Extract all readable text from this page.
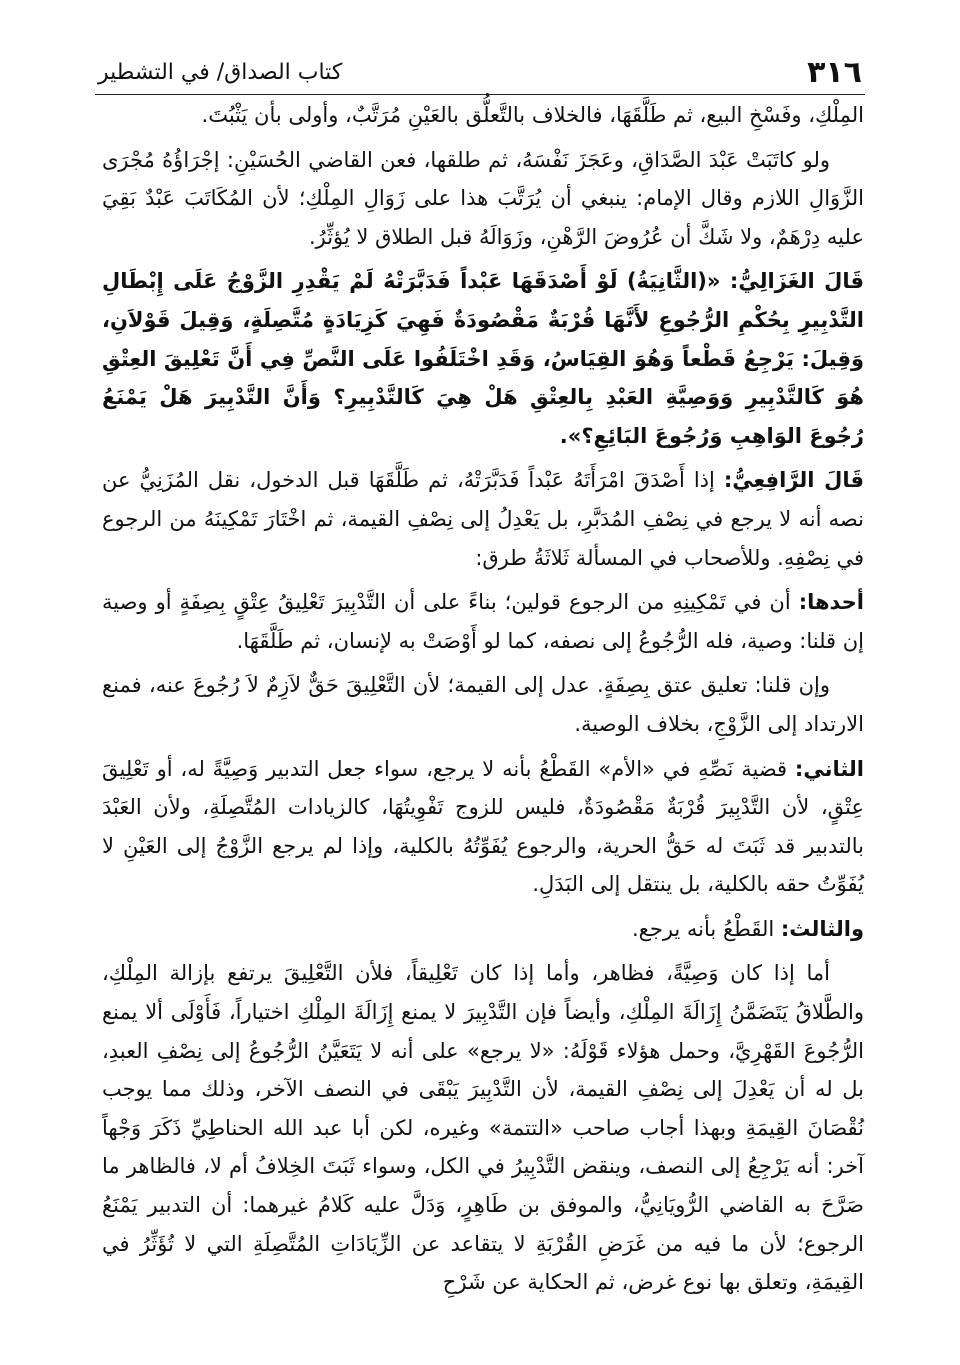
٣١٦
كتاب الصداق/ في التشطير

المِلْكِ، وفَسْخِ البيع، ثم طَلَّقَهَا، فالخلاف بالتَّعلُّق بالعَيْنِ مُرَتَّبٌ، وأولى بأن يَثْبُتَ.

ولو كاتَبَتْ عَبْدَ الصَّدَاقِ، وعَجَزَ نَفْسَهُ، ثم طلقها، فعن القاضي الحُسَيْنِ: إجْرَاؤُهُ مُجْرَى الزَّوَالِ اللازم وقال الإمام: ينبغي أن يُرَتَّبَ هذا على زَوَالِ المِلْكِ؛ لأن المُكَاتَبَ عَبْدٌ بَقِيَ عليه دِرْهَمٌ، ولا شَكَّ أن عُرُوضَ الرَّهْنِ، وزَوَالَهُ قبل الطلاق لا يُؤثِّرُ.

قَالَ الغَزَالِيُّ: «(الثَّانِيَةُ) لَوْ أَصْدَقَهَا عَبْداً فَدَبَّرَتْهُ لَمْ يَقْدِرِ الزَّوْجُ عَلَى إِبْطَالِ التَّدْبِيرِ بِحُكْمِ الرُّجُوعِ لأَنَّهَا قُرْبَةٌ مَقْصُودَةٌ فَهِيَ كَزِيَادَةٍ مُتَّصِلَةٍ، وَقِيلَ قَوْلاَنِ، وَقِيلَ: يَرْجِعُ قَطْعاً وَهُوَ القِيَاسُ، وَقَدِ اخْتَلَفُوا عَلَى النَّصِّ فِي أَنَّ تَعْلِيقَ العِتْقِ هُوَ كَالتَّدْبِيرِ وَوَصِيَّةِ العَبْدِ بِالعِتْقِ هَلْ هِيَ كَالتَّدْبِيرِ؟ وَأَنَّ التَّدْبِيرَ هَلْ يَمْنَعُ رُجُوعَ الوَاهِبِ وَرُجُوعَ البَائِعِ؟».

قَالَ الرَّافِعِيُّ: إذا أَصْدَقَ امْرَأَتَهُ عَبْداً فَدَبَّرَتْهُ، ثم طَلَّقَهَا قبل الدخول، نقل المُزَنِيُّ عن نصه أنه لا يرجع في نِصْفِ المُدَبَّرِ، بل يَعْدِلُ إلى نِصْفِ القيمة، ثم اخْتَارَ تَمْكِينَهُ من الرجوع في نِصْفِهِ. وللأصحاب في المسألة ثَلاثَةُ طرق:

أحدها: أن في تَمْكِينِهِ من الرجوع قولين؛ بناءً على أن التَّدْبِيرَ تَعْلِيقُ عِتْقٍ بِصِفَةٍ أو وصية إن قلنا: وصية، فله الرُّجُوعُ إلى نصفه، كما لو أَوْصَتْ به لإنسان، ثم طَلَّقَهَا.

وإن قلنا: تعليق عتق بِصِفَةٍ. عدل إلى القيمة؛ لأن التَّعْلِيقَ حَقٌّ لاَزِمٌ لاَ رُجُوعَ عنه، فمنع الارتداد إلى الزَّوْجِ، بخلاف الوصية.

الثاني: قضية نَصِّهِ في «الأم» القَطْعُ بأنه لا يرجع، سواء جعل التدبير وَصِيَّةً له، أو تَعْلِيقَ عِتْقٍ، لأن التَّدْبِيرَ قُرْبَةٌ مَقْصُودَةٌ، فليس للزوج تَفْوِيتُهَا، كالزيادات المُتَّصِلَةِ، ولأن العَبْدَ بالتدبير قد ثَبَتَ له حَقُّ الحرية، والرجوع يُفَوِّتُهُ بالكلية، وإذا لم يرجع الزَّوْجُ إلى العَيْنِ لا يُفَوِّتُ حقه بالكلية، بل ينتقل إلى البَدَلِ.

والثالث: القَطْعُ بأنه يرجع.

أما إذا كان وَصِيَّةً، فظاهر، وأما إذا كان تَعْلِيقاً، فلأن التَّعْلِيقَ يرتفع بإزالة المِلْكِ، والطَّلاقُ يَتَضَمَّنُ إِزَالَةَ المِلْكِ، وأيضاً فإن التَّدْبِيرَ لا يمنع إِزَالَةَ المِلْكِ اختياراً، فَأَوْلَى ألا يمنع الرُّجُوعَ القَهْرِيَّ، وحمل هؤلاء قَوْلَهُ: «لا يرجع» على أنه لا يَتَعَيَّنُ الرُّجُوعُ إلى نِصْفِ العبدِ، بل له أن يَعْدِلَ إلى نِصْفِ القيمة، لأن التَّدْبِيرَ يَبْقَى في النصف الآخر، وذلك مما يوجب نُقْصَانَ القِيمَةِ وبهذا أجاب صاحب «التتمة» وغيره، لكن أبا عبد الله الحناطِيِّ ذَكَرَ وَجْهاً آخر: أنه يَرْجِعُ إلى النصف، وينقض التَّدْبِيرُ في الكل، وسواء ثَبَتَ الخِلافُ أم لا، فالظاهر ما صَرَّحَ به القاضي الرُّويَانِيُّ، والموفق بن طَاهِرٍ، وَدَلَّ عليه كَلامُ غيرهما: أن التدبير يَمْنَعُ الرجوع؛ لأن ما فيه من غَرَضِ القُرْبَةِ لا يتقاعد عن الزِّيَادَاتِ المُتَّصِلَةِ التي لا تُؤَثِّرُ في القِيمَةِ، وتعلق بها نوع غرض، ثم الحكاية عن شَرْحِ
